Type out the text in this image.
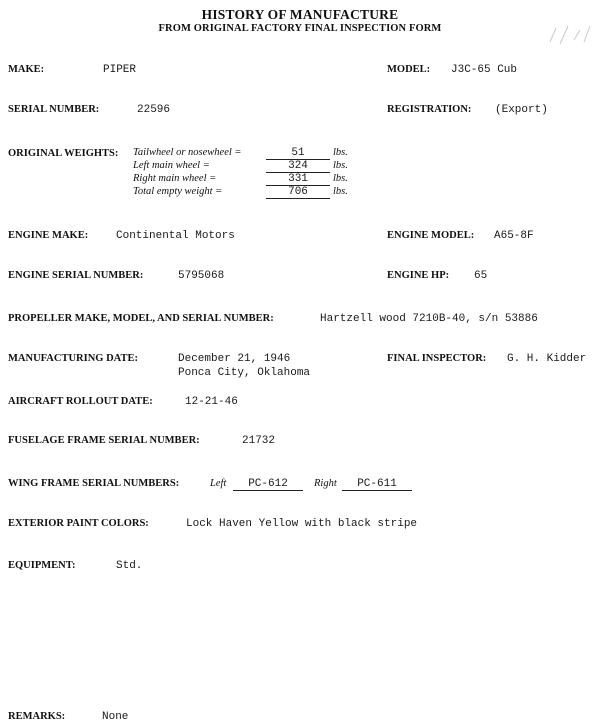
HISTORY OF MANUFACTURE
FROM ORIGINAL FACTORY FINAL INSPECTION FORM
MAKE:	PIPER	MODEL: J3C-65 Cub
SERIAL NUMBER:	22596	REGISTRATION: (Export)
ORIGINAL WEIGHTS: Tailwheel or nosewheel =	51	lbs.
Left main wheel =	324	lbs.
Right main wheel =	331	lbs.
Total empty weight =	706	lbs.
ENGINE MAKE:	Continental Motors	ENGINE MODEL: A65-8F
ENGINE SERIAL NUMBER:	5795068	ENGINE HP: 65
PROPELLER MAKE, MODEL, AND SERIAL NUMBER:	Hartzell wood 7210B-40, s/n 53886
MANUFACTURING DATE:	December 21, 1946
Ponca City, Oklahoma
FINAL INSPECTOR: G. H. Kidder
AIRCRAFT ROLLOUT DATE:	12-21-46
FUSELAGE FRAME SERIAL NUMBER:	21732
WING FRAME SERIAL NUMBERS:	Left	PC-612	Right	PC-611
EXTERIOR PAINT COLORS:	Lock Haven Yellow with black stripe
EQUIPMENT:	Std.
REMARKS:	None
